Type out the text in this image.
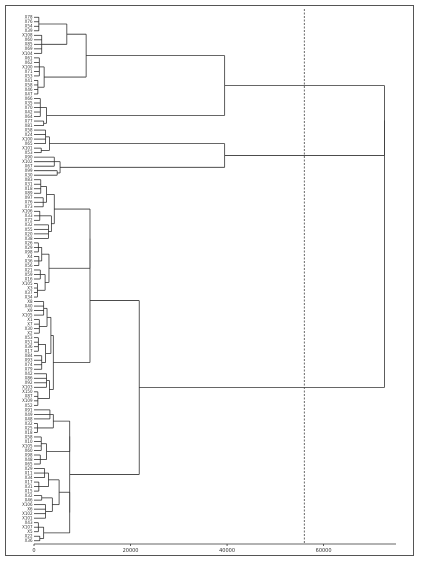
X78
X76
X54
X39
X108
X60
X85
X69
X104
X61
X62
X100
X71
X53
X41
X58
X46
X47
X66
X35
X70
X42
X64
X77
X81
X58
X24
X100
X65
X101
X53
X90
X102
X67
X99
X30
X83
X31
X18
X89
X97
X76
X73
X106
X33
X72
X32
X55
X20
X38
X26
X29
X98
X4
X36
X56
X21
X59
X16
X105
X3
X37
X34
X8
X40
X9
X105
X1
X7
X30
X2
X53
X51
X36
X17
X84
X93
X74
X79
X42
X86
X92
X103
X150
X87
X109
X52
X91
X49
X48
X32
X25
X18
X58
X10
X105
X60
X98
X48
X65
X29
X11
X34
X17
X31
X15
X32
X46
X106
X6
X102
X101
X43
X107
X5
X22
X36
0	20000	40000	60000
